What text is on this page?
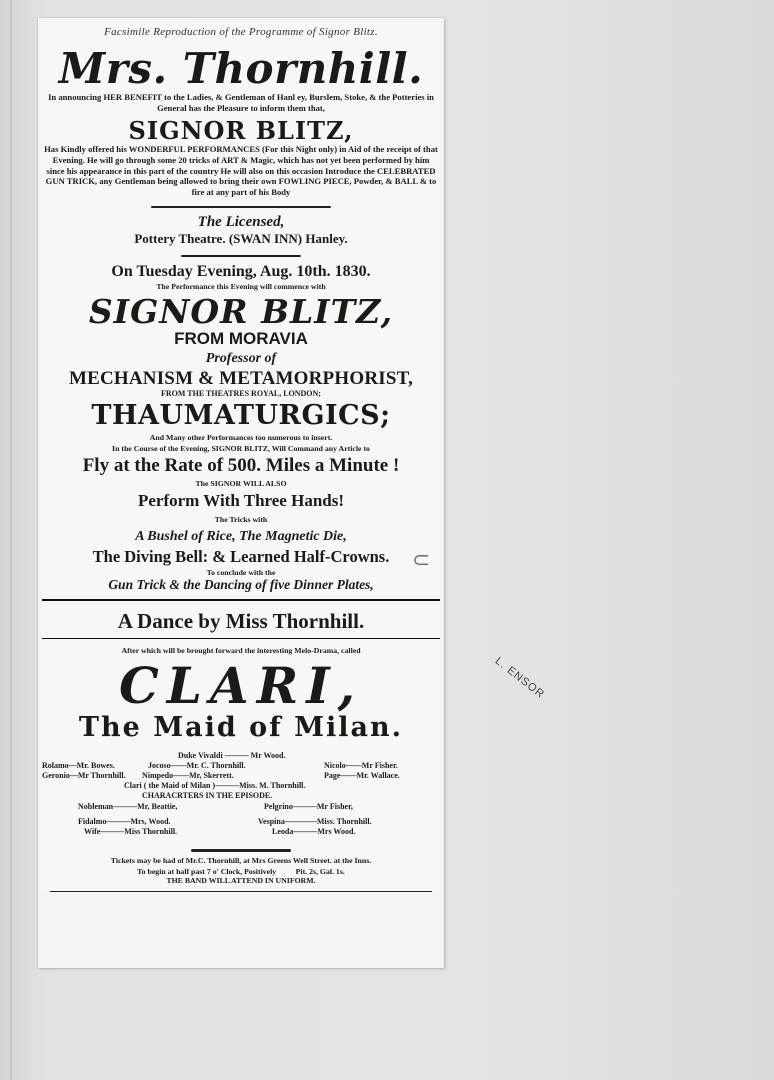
Facsimile Reproduction of the Programme of Signor Blitz.
Mrs. Thornhill.
In announcing HER BENEFIT to the Ladies, & Gentleman of Hanl ey, Burslem, Stoke, & the Potteries in General has the Pleasure to inform them that,
SIGNOR BLITZ,
Has Kindly offered his WONDERFUL PERFORMANCES (For this Night only) in Aid of the receipt of that Evening. He will go through some 20 tricks of ART & Magic, which has not yet been performed by him since his appearance in this part of the country He will also on this occasion Introduce the CELEBRATED GUN TRICK, any Gentleman being allowed to bring their own FOWLING PIECE, Powder, & BALL & to fire at any part of his Body
The Licensed,
Pottery Theatre. (SWAN INN) Hanley.
On Tuesday Evening, Aug. 10th. 1830.
The Performance this Evening will commence with
SIGNOR BLITZ,
FROM MORAVIA
Professor of
MECHANISM & METAMORPHORIST,
FROM THE THEATRES ROYAL, LONDON;
THAUMATURGICS;
And Many other Performances too numerous to insert.
In the Course of the Evening, SIGNOR BLITZ, Will Command any Article to
Fly at the Rate of 500. Miles a Minute !
The SIGNOR WILL ALSO
Perform With Three Hands!
The Tricks with
A Bushel of Rice, The Magnetic Die,
The Diving Bell: & Learned Half-Crowns.
To conclude with the
Gun Trick & the Dancing of five Dinner Plates,
A Dance by Miss Thornhill.
After which will be brought forward the interesting Melo-Drama, called
CLARI,
The Maid of Milan.
Duke Vivaldi ——— Mr Wood.
Rolamo—Mr. Bowes.	Jocoso——Mr. C. Thornhill.	Nicolo——Mr Fisher.
Geronio—Mr Thornhill. Nimpedo——Mr, Skerrett.	Page——Mr. Wallace.
Clari ( the Maid of Milan )———Miss. M. Thornhill.
CHARACRTERS IN THE EPISODE.
Nobleman———Mr, Beattie,	Pelgrino———Mr Fisher,
Fidalmo———Mrs, Wood.	Vespina————Miss. Thornhill.
Wife———Miss Thornhill.	Leoda———Mrs Wood.
Tickets may be had of Mr.C. Thornhill, at Mrs Greens Well Street. at the Inns.
To begin at half past 7 o' Clock, Positively          Pit. 2s, Gal. 1s.
THE BAND WILL ATTEND IN UNIFORM.
⊂
L. ENSOR
